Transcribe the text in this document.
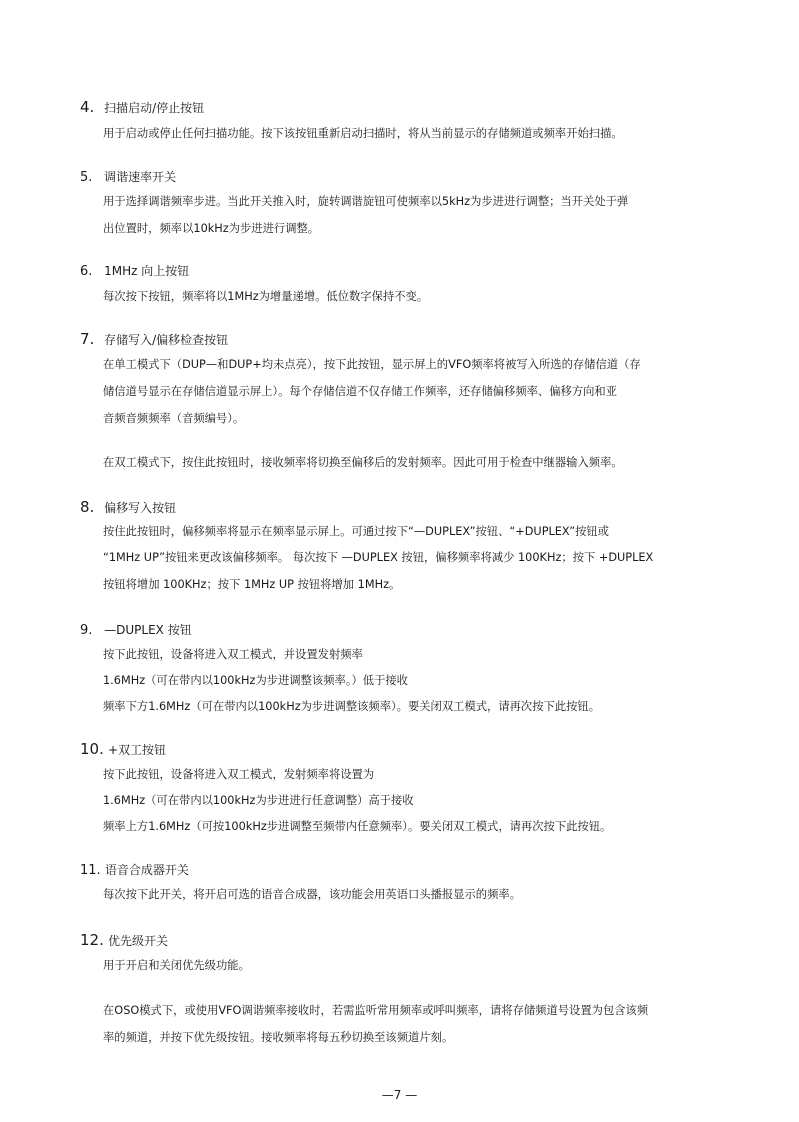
4. 扫描启动/停止按钮
用于启动或停止任何扫描功能。按下该按钮重新启动扫描时，将从当前显示的存储频道或频率开始扫描。
5. 调谐速率开关
用于选择调谐频率步进。当此开关推入时，旋转调谐旋钮可使频率以5kHz为步进进行调整；当开关处于弹
出位置时，频率以10kHz为步进进行调整。
6. 1MHz 向上按钮
每次按下按钮，频率将以1MHz为增量递增。低位数字保持不变。
7. 存储写入/偏移检查按钮
在单工模式下（DUP—和DUP+均未点亮），按下此按钮，显示屏上的VFO频率将被写入所选的存储信道（存
储信道号显示在存储信道显示屏上）。每个存储信道不仅存储工作频率，还存储偏移频率、偏移方向和亚
音频音频频率（音频编号）。
在双工模式下，按住此按钮时，接收频率将切换至偏移后的发射频率。因此可用于检查中继器输入频率。
8. 偏移写入按钮
按住此按钮时，偏移频率将显示在频率显示屏上。可通过按下“—DUPLEX”按钮、“+DUPLEX”按钮或
“1MHz UP”按钮来更改该偏移频率。 每次按下 —DUPLEX 按钮，偏移频率将减少 100KHz；按下 +DUPLEX
按钮将增加 100KHz；按下 1MHz UP 按钮将增加 1MHz。
9. —DUPLEX 按钮
按下此按钮，设备将进入双工模式，并设置发射频率
1.6MHz（可在带内以100kHz为步进调整该频率。）低于接收
频率下方1.6MHz（可在带内以100kHz为步进调整该频率）。要关闭双工模式，请再次按下此按钮。
10. +双工按钮
按下此按钮，设备将进入双工模式，发射频率将设置为
1.6MHz（可在带内以100kHz为步进进行任意调整）高于接收
频率上方1.6MHz（可按100kHz步进调整至频带内任意频率）。要关闭双工模式，请再次按下此按钮。
11. 语音合成器开关
每次按下此开关，将开启可选的语音合成器，该功能会用英语口头播报显示的频率。
12. 优先级开关
用于开启和关闭优先级功能。
在OSO模式下，或使用VFO调谐频率接收时，若需监听常用频率或呼叫频率，请将存储频道号设置为包含该频
率的频道，并按下优先级按钮。接收频率将每五秒切换至该频道片刻。
—7 —
